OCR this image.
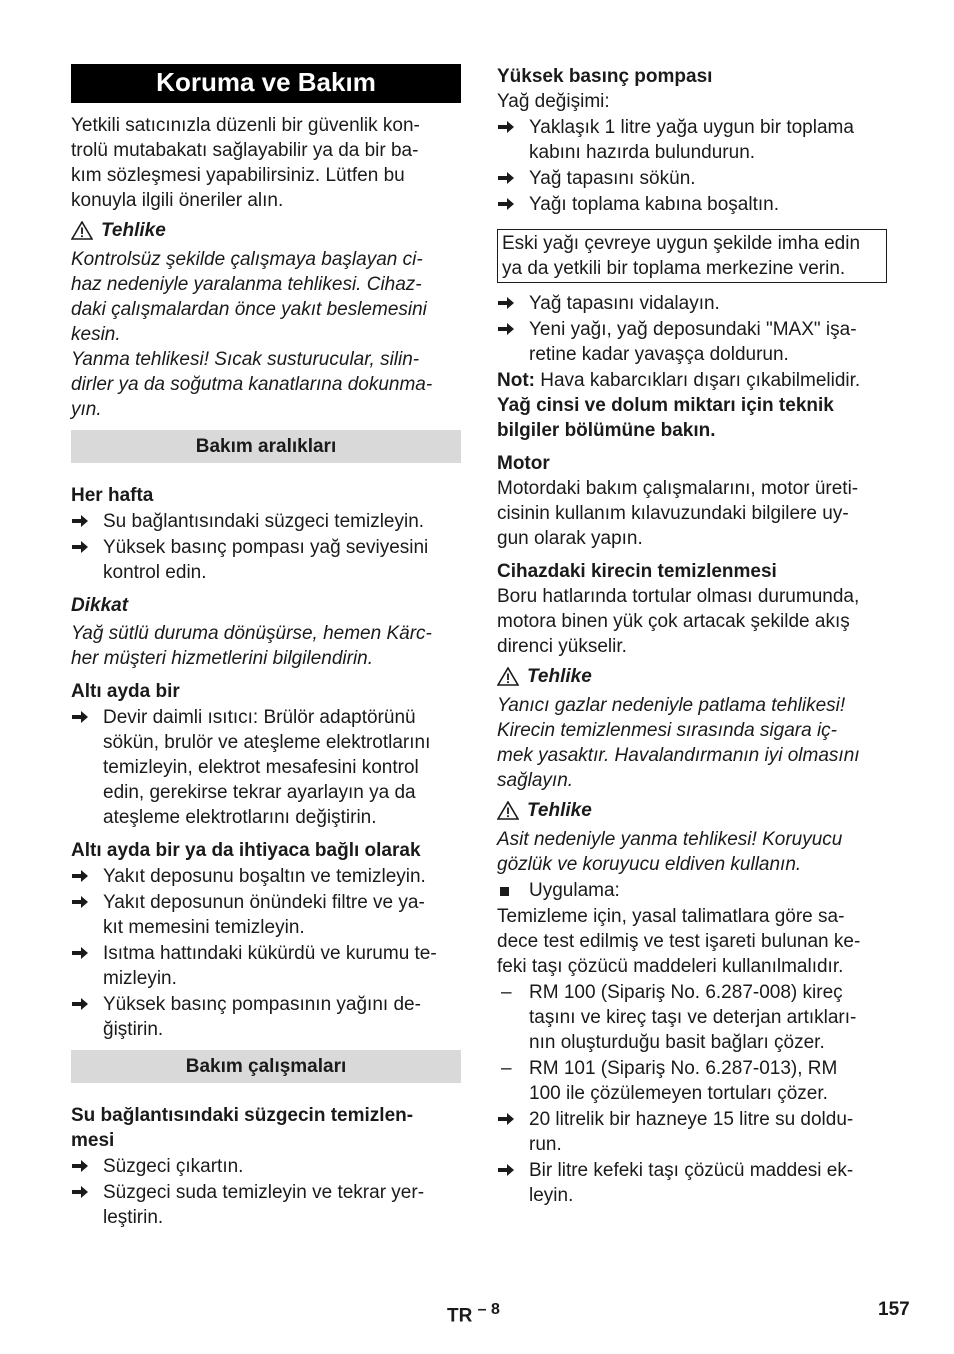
Koruma ve Bakım
Yetkili satıcınızla düzenli bir güvenlik kon-
trolü mutabakatı sağlayabilir ya da bir ba-
kım sözleşmesi yapabilirsiniz. Lütfen bu
konuyla ilgili öneriler alın.
Tehlike
Kontrolsüz şekilde çalışmaya başlayan ci-
haz nedeniyle yaralanma tehlikesi. Cihaz-
daki çalışmalardan önce yakıt beslemesini
kesin.
Yanma tehlikesi! Sıcak susturucular, silin-
dirler ya da soğutma kanatlarına dokunma-
yın.
Bakım aralıkları

Her hafta

Su bağlantısındaki süzgeci temizleyin.
Yüksek basınç pompası yağ seviyesini
kontrol edin.

Dikkat

Yağ sütlü duruma dönüşürse, hemen Kärc-
her müşteri hizmetlerini bilgilendirin.

Altı ayda bir

Devir daimli ısıtıcı: Brülör adaptörünü
sökün, brulör ve ateşleme elektrotlarını
temizleyin, elektrot mesafesini kontrol
edin, gerekirse tekrar ayarlayın ya da
ateşleme elektrotlarını değiştirin.

Altı ayda bir ya da ihtiyaca bağlı olarak

Yakıt deposunu boşaltın ve temizleyin.
Yakıt deposunun önündeki filtre ve ya-
kıt memesini temizleyin.
Isıtma hattındaki kükürdü ve kurumu te-
mizleyin.
Yüksek basınç pompasının yağını de-
ğiştirin.
Bakım çalışmaları
Su bağlantısındaki süzgecin temizlen-
mesi
Süzgeci çıkartın.
Süzgeci suda temizleyin ve tekrar yer-
leştirin.

Yüksek basınç pompası

Yağ değişimi:

Yaklaşık 1 litre yağa uygun bir toplama
kabını hazırda bulundurun.
Yağ tapasını sökün.
Yağı toplama kabına boşaltın.
Eski yağı çevreye uygun şekilde imha edin
ya da yetkili bir toplama merkezine verin.
Yağ tapasını vidalayın.
Yeni yağı, yağ deposundaki "MAX" işa-
retine kadar yavaşça doldurun.

Not: Hava kabarcıkları dışarı çıkabilmelidir.

Yağ cinsi ve dolum miktarı için teknik
bilgiler bölümüne bakın.

Motor

Motordaki bakım çalışmalarını, motor üreti-
cisinin kullanım kılavuzundaki bilgilere uy-
gun olarak yapın.

Cihazdaki kirecin temizlenmesi

Boru hatlarında tortular olması durumunda,
motora binen yük çok artacak şekilde akış
direnci yükselir.
Tehlike
Yanıcı gazlar nedeniyle patlama tehlikesi!
Kirecin temizlenmesi sırasında sigara iç-
mek yasaktır. Havalandırmanın iyi olmasını
sağlayın.
Tehlike
Asit nedeniyle yanma tehlikesi! Koruyucu
gözlük ve koruyucu eldiven kullanın.
Uygulama:
Temizleme için, yasal talimatlara göre sa-
dece test edilmiş ve test işareti bulunan ke-
feki taşı çözücü maddeleri kullanılmalıdır.
– RM 100 (Sipariş No. 6.287-008) kireç
taşını ve kireç taşı ve deterjan artıkları-
nın oluşturduğu basit bağları çözer.
– RM 101 (Sipariş No. 6.287-013), RM
100 ile çözülemeyen tortuları çözer.
20 litrelik bir hazneye 15 litre su doldu-
run.
Bir litre kefeki taşı çözücü maddesi ek-
leyin.
TR $^{- 8}$	157
